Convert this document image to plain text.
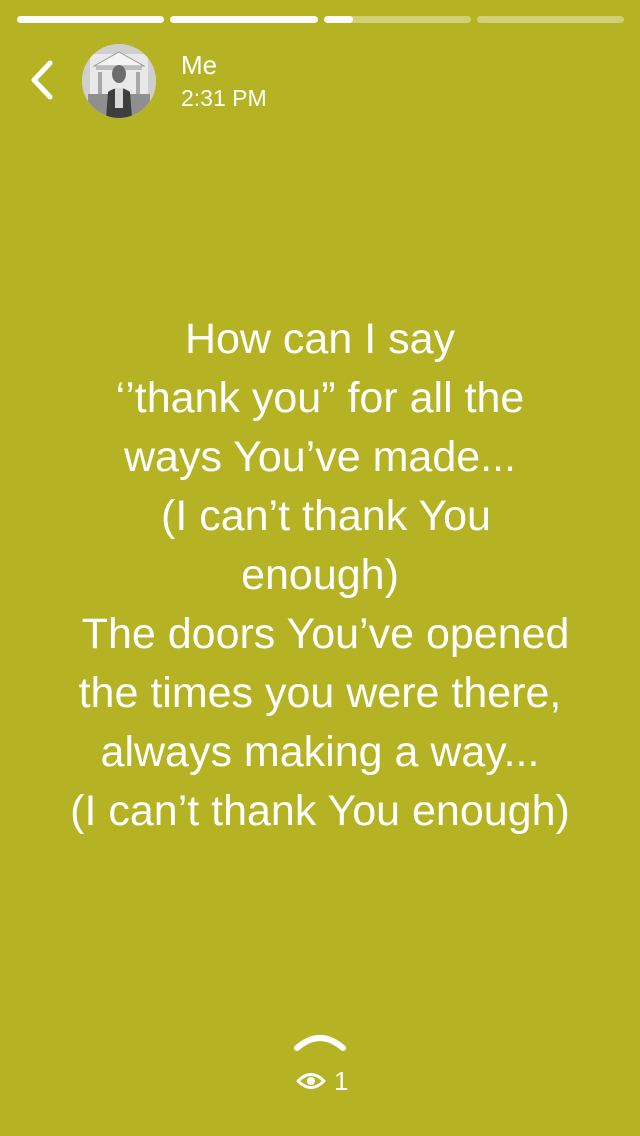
Me
2:31 PM
How can I say
‘’thank you” for all the
ways You’ve made...
(I can’t thank You
enough)
The doors You’ve opened
the times you were there,
always making a way...
(I can’t thank You enough)
1
